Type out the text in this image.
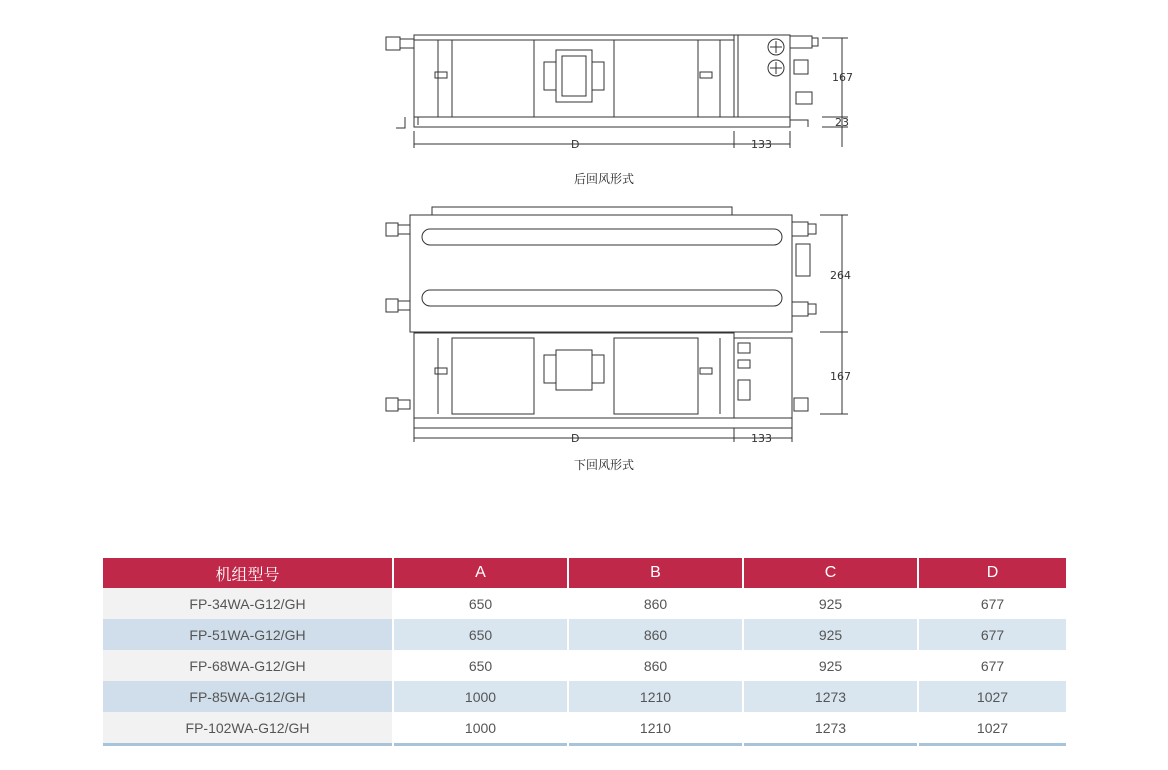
167
23
D	133
264
167
D	133
后回风形式
下回风形式
机组型号	A	B	C	D
FP-34WA-G12/GH	650	860	925	677
FP-51WA-G12/GH	650	860	925	677
FP-68WA-G12/GH	650	860	925	677
FP-85WA-G12/GH	1000	1210	1273	1027
FP-102WA-G12/GH	1000	1210	1273	1027
